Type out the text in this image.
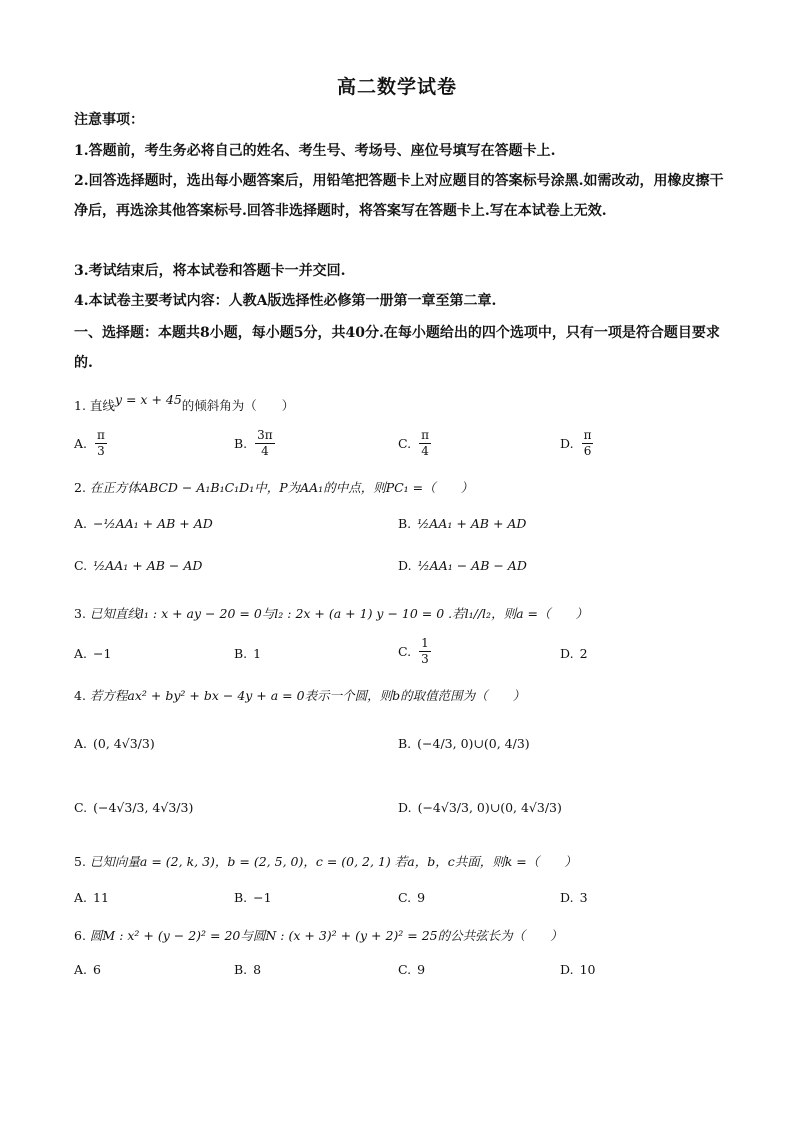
高二数学试卷
注意事项：
1.答题前，考生务必将自己的姓名、考生号、考场号、座位号填写在答题卡上.
2.回答选择题时，选出每小题答案后，用铅笔把答题卡上对应题目的答案标号涂黑.如需改动，用橡皮擦干净后，再选涂其他答案标号.回答非选择题时，将答案写在答题卡上.写在本试卷上无效.
3.考试结束后，将本试卷和答题卡一并交回.
4.本试卷主要考试内容：人教A版选择性必修第一册第一章至第二章.
一、选择题：本题共8小题，每小题5分，共40分.在每小题给出的四个选项中，只有一项是符合题目要求的.
1. 直线y = x + 45的倾斜角为（　　）
A. $\frac{\pi}{3}$	B. $\frac{3\pi}{4}$	C. $\frac{\pi}{4}$	D. $\frac{\pi}{6}$
2. 在正方体ABCD − A₁B₁C₁D₁中，P为AA₁的中点，则PC₁ =（　　）
A. −½AA₁ + AB + AD	B. ½AA₁ + AB + AD
C. ½AA₁ + AB − AD	D. ½AA₁ − AB − AD
3. 已知直线l₁ : x + ay − 20 = 0与l₂ : 2x + (a + 1) y − 10 = 0 .若l₁//l₂，则a =（　　）
A. −1	B. 1	C. $\frac{1}{3}$	D. 2
4. 若方程ax² + by² + bx − 4y + a = 0表示一个圆，则b的取值范围为（　　）
A. (0, 4√3/3)	B. (−4/3, 0)∪(0, 4/3)
C. (−4√3/3, 4√3/3)	D. (−4√3/3, 0)∪(0, 4√3/3)
5. 已知向量a = (2, k, 3)，b = (2, 5, 0)，c = (0, 2, 1) 若a，b，c共面，则k =（　　）
A. 11	B. −1	C. 9	D. 3
6. 圆M : x² + (y − 2)² = 20与圆N : (x + 3)² + (y + 2)² = 25的公共弦长为（　　）
A. 6	B. 8	C. 9	D. 10
